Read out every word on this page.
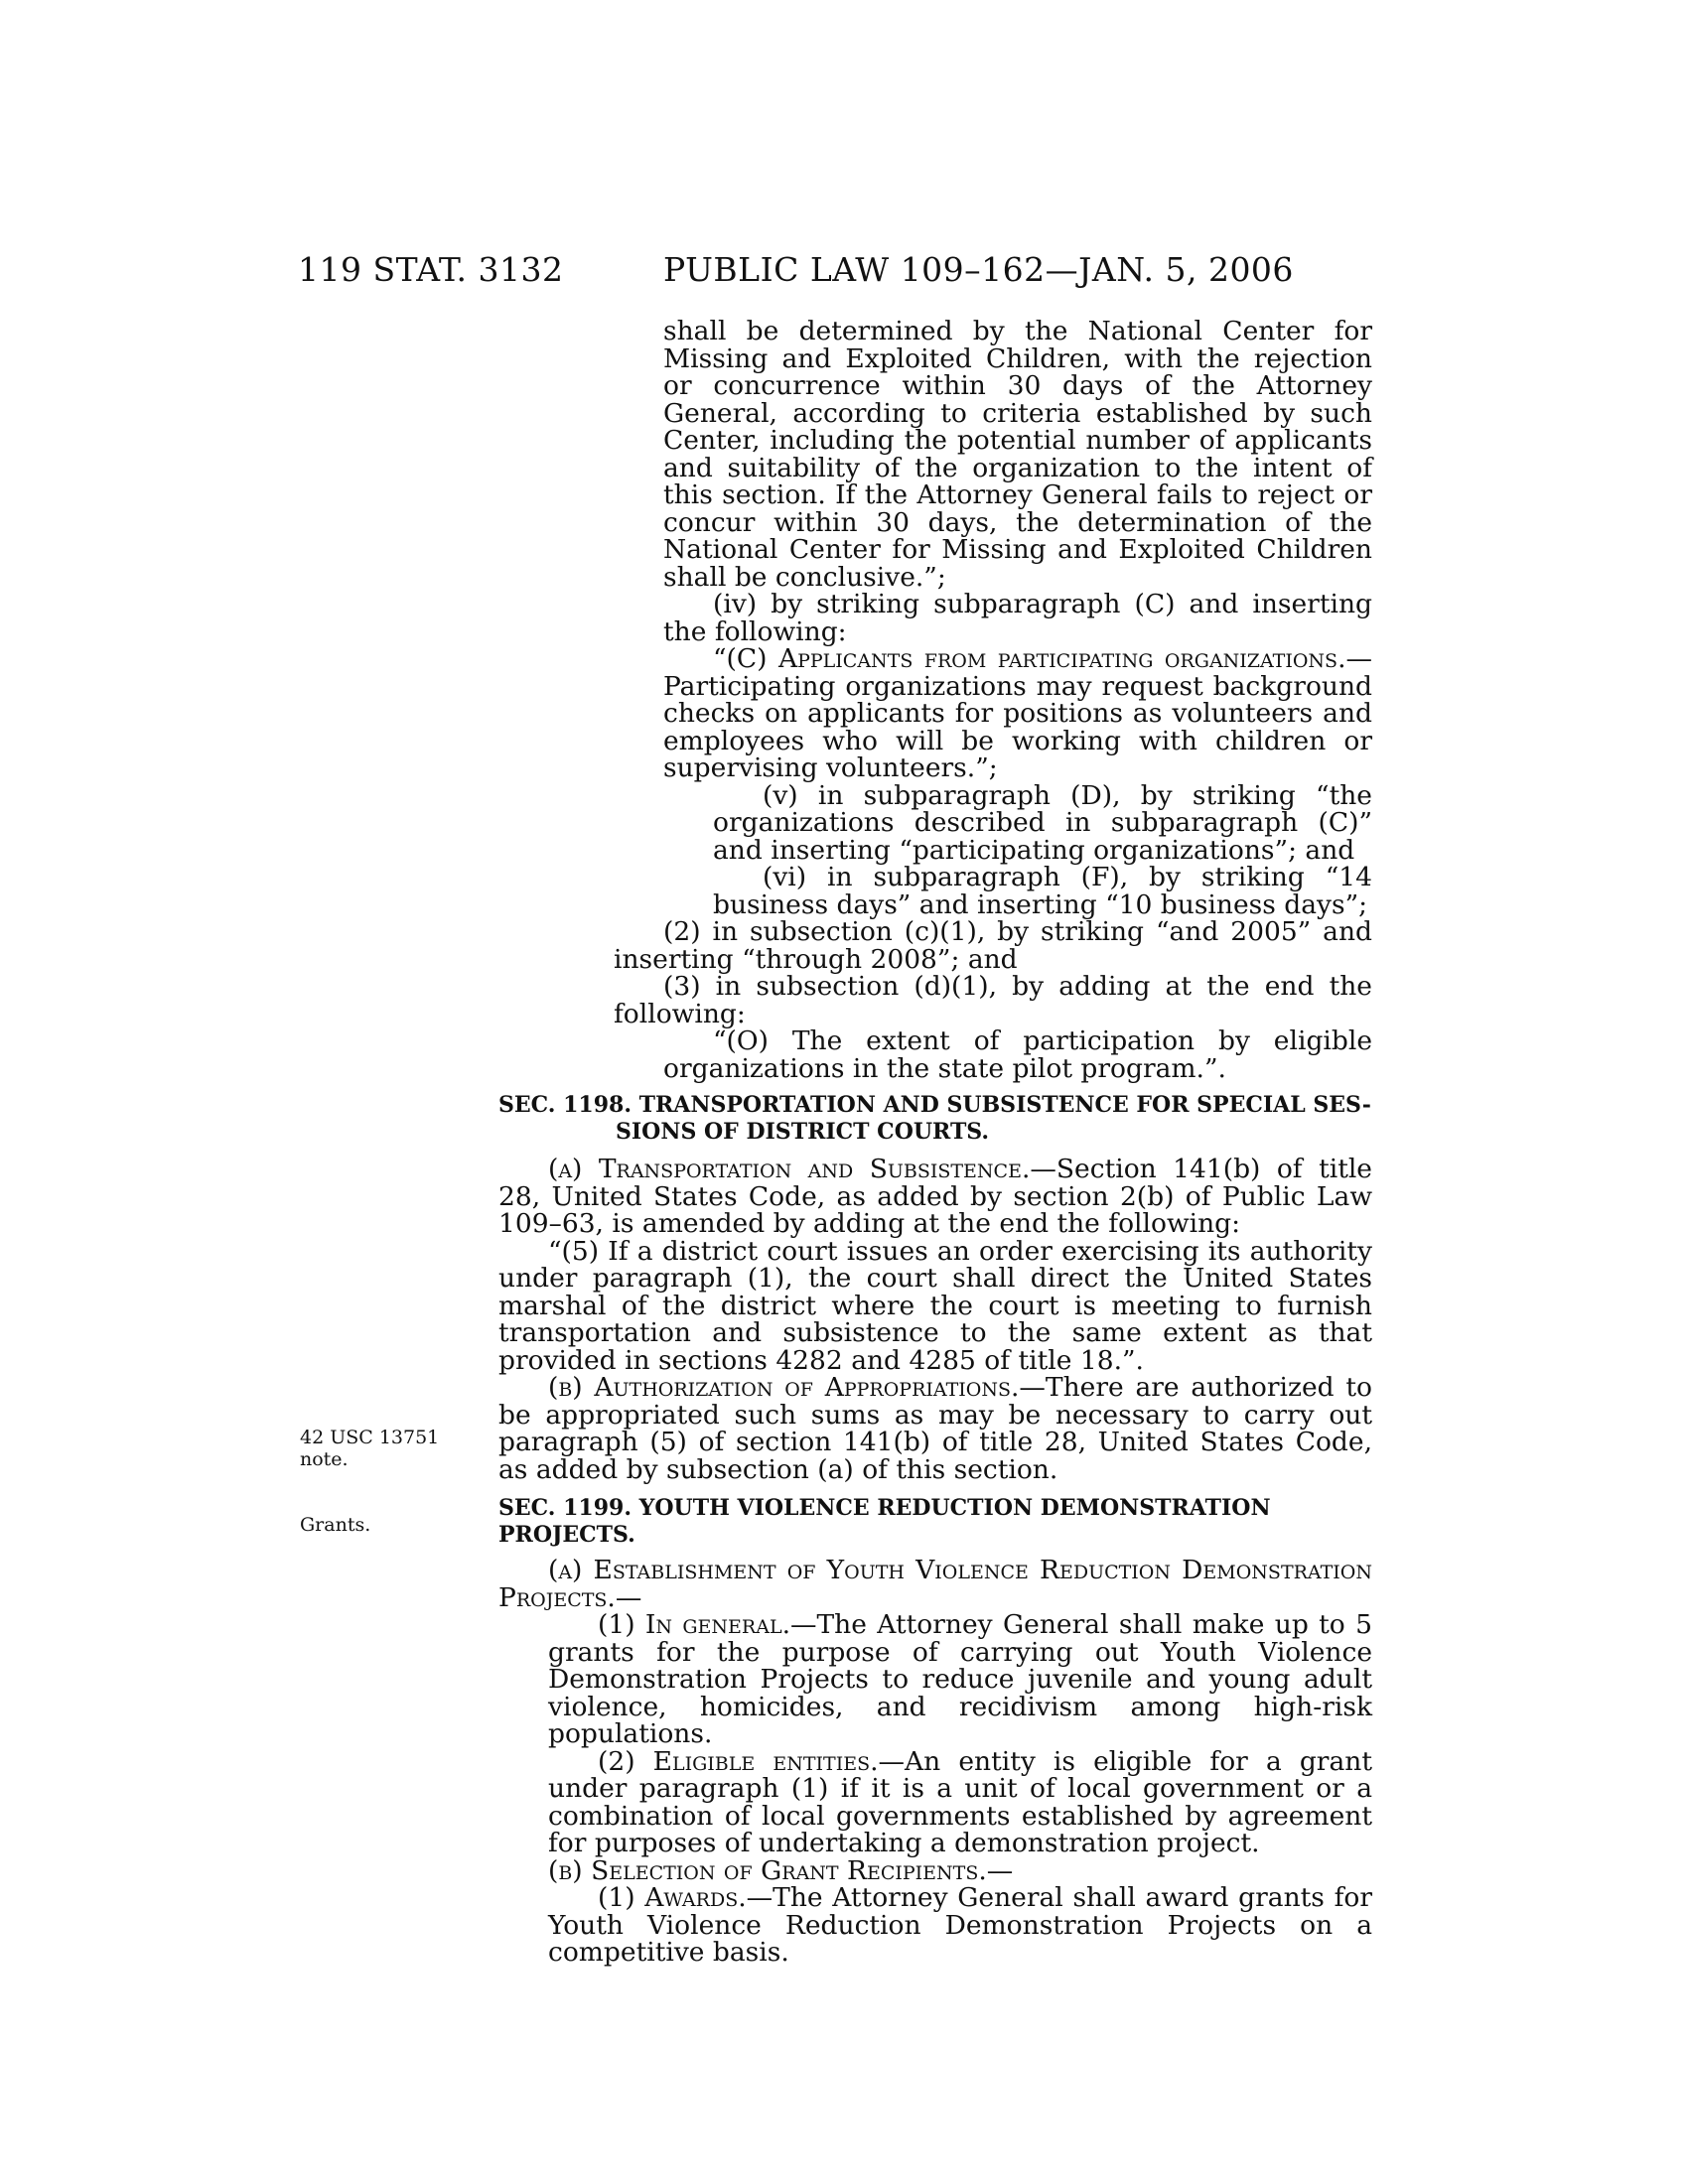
119 STAT. 3132	PUBLIC LAW 109–162—JAN. 5, 2006
42 USC 13751
note.
Grants.

shall be determined by the National Center for Missing and Exploited Children, with the rejection or concurrence within 30 days of the Attorney General, according to criteria established by such Center, including the potential number of applicants and suitability of the organization to the intent of this section. If the Attorney General fails to reject or concur within 30 days, the determination of the National Center for Missing and Exploited Children shall be conclusive.”;

(iv) by striking subparagraph (C) and inserting the following:

“(C) Applicants from participating organizations.—Participating organizations may request background checks on applicants for positions as volunteers and employees who will be working with children or supervising volunteers.”;

(v) in subparagraph (D), by striking “the organizations described in subparagraph (C)” and inserting “participating organizations”; and

(vi) in subparagraph (F), by striking “14 business days” and inserting “10 business days”;

(2) in subsection (c)(1), by striking “and 2005” and inserting “through 2008”; and

(3) in subsection (d)(1), by adding at the end the following:

“(O) The extent of participation by eligible organizations in the state pilot program.”.

SEC. 1198. TRANSPORTATION AND SUBSISTENCE FOR SPECIAL SES-
SIONS OF DISTRICT COURTS.

(a) Transportation and Subsistence.—Section 141(b) of title 28, United States Code, as added by section 2(b) of Public Law 109–63, is amended by adding at the end the following:

“(5) If a district court issues an order exercising its authority under paragraph (1), the court shall direct the United States marshal of the district where the court is meeting to furnish transportation and subsistence to the same extent as that provided in sections 4282 and 4285 of title 18.”.

(b) Authorization of Appropriations.—There are authorized to be appropriated such sums as may be necessary to carry out paragraph (5) of section 141(b) of title 28, United States Code, as added by subsection (a) of this section.

SEC. 1199. YOUTH VIOLENCE REDUCTION DEMONSTRATION PROJECTS.

(a) Establishment of Youth Violence Reduction Demonstration Projects.—

(1) In general.—The Attorney General shall make up to 5 grants for the purpose of carrying out Youth Violence Demonstration Projects to reduce juvenile and young adult violence, homicides, and recidivism among high-risk populations.

(2) Eligible entities.—An entity is eligible for a grant under paragraph (1) if it is a unit of local government or a combination of local governments established by agreement for purposes of undertaking a demonstration project.

(b) Selection of Grant Recipients.—

(1) Awards.—The Attorney General shall award grants for Youth Violence Reduction Demonstration Projects on a competitive basis.
